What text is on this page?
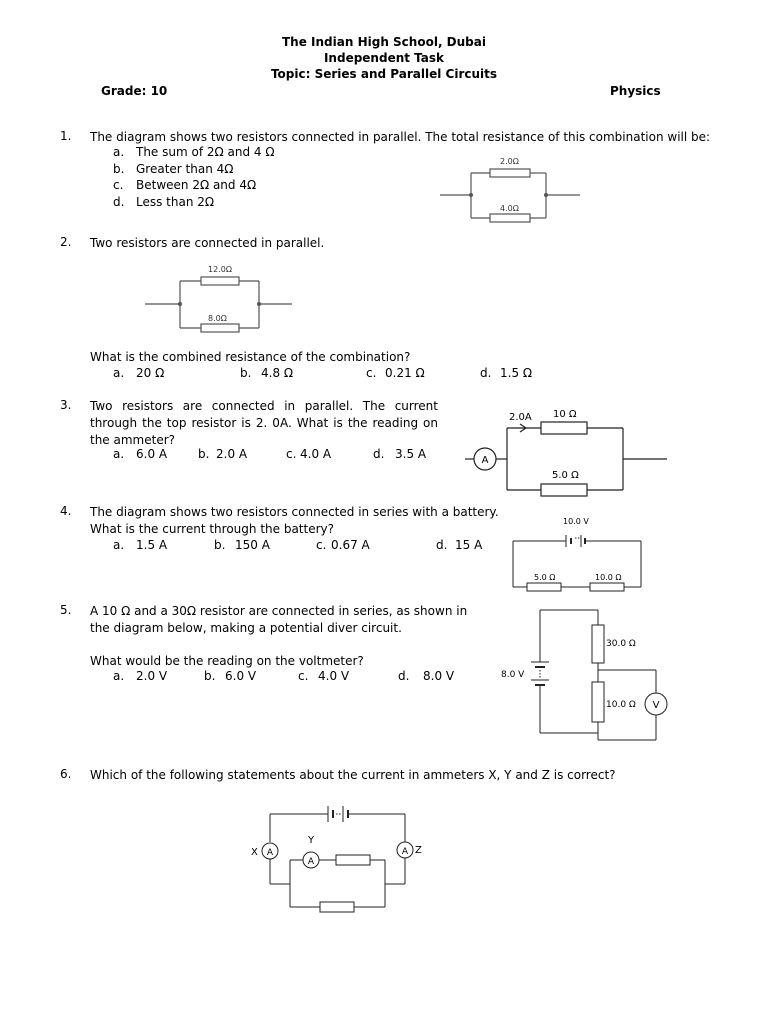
The Indian High School, Dubai
Independent Task
Topic: Series and Parallel Circuits
Grade: 10	Physics
1. The diagram shows two resistors connected in parallel. The total resistance of this combination will be:
a. The sum of 2Ω and 4 Ω
b. Greater than 4Ω
c. Between 2Ω and 4Ω
d. Less than 2Ω
2.0Ω
4.0Ω
2. Two resistors are connected in parallel.
12.0Ω
8.0Ω
What is the combined resistance of the combination?
a. 20 Ω	b. 4.8 Ω	c. 0.21 Ω	d. 1.5 Ω
3. Two resistors are connected in parallel. The current through the top resistor is 2. 0A. What is the reading on the ammeter?
a. 6.0 A	b. 2.0 A	c. 4.0 A	d. 3.5 A	A
2.0A 10 Ω
5.0 Ω
4. The diagram shows two resistors connected in series with a battery.
What is the current through the battery?
a. 1.5 A	b. 150 A	c. 0.67 A	d. 15 A
10.0 V
5.0 Ω	10.0 Ω
5. A 10 Ω and a 30Ω resistor are connected in series, as shown in the diagram below, making a potential diver circuit.
What would be the reading on the voltmeter?
a. 2.0 V	b. 6.0 V	c. 4.0 V	d. 8.0 V
V
8.0 V
30.0 Ω
10.0 Ω
6. Which of the following statements about the current in ammeters X, Y and Z is correct?
A
A
A
X
Y
Z
